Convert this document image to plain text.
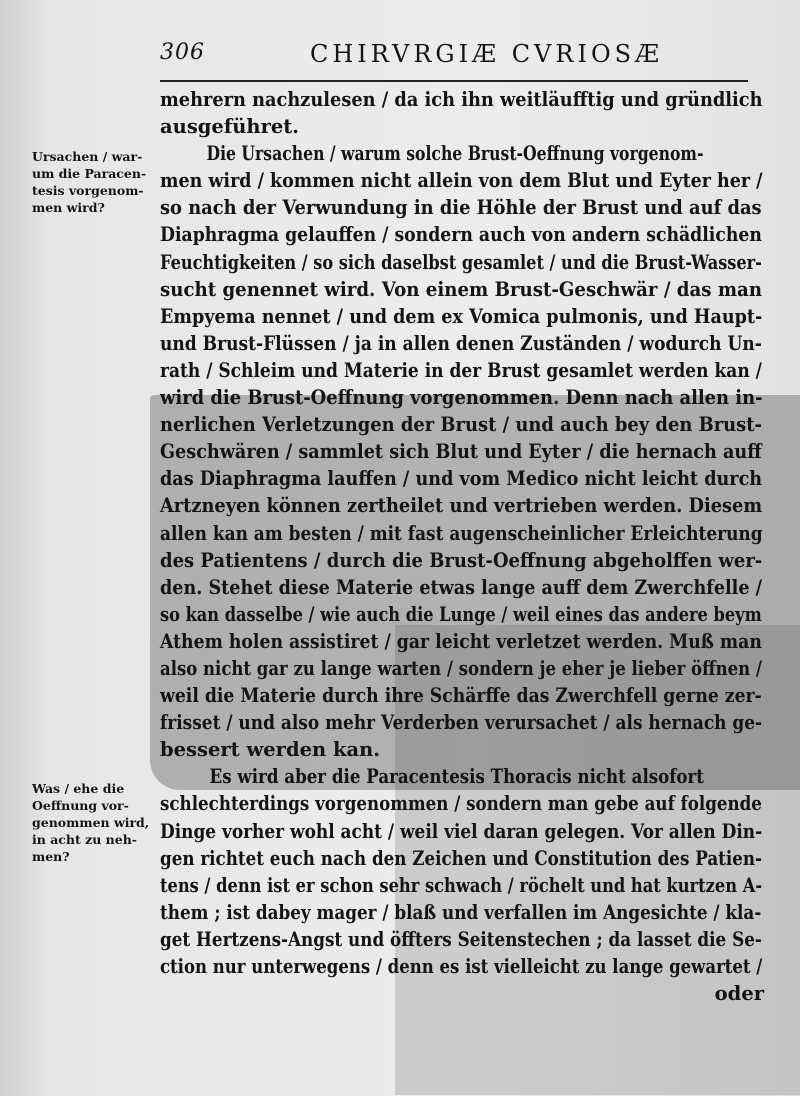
306	CHIRVRGIÆ CVRIOSÆ
Ursachen / war-
um die Paracen-
tesis vorgenom-
men wird?

Was / ehe die
Oeffnung vor-
genommen wird,
in acht zu neh-
men?
mehrern nachzulesen / da ich ihn weitläufftig und gründlich
ausgeführet.
Die Ursachen / warum solche Brust-Oeffnung vorgenom-
men wird / kommen nicht allein von dem Blut und Eyter her /
so nach der Verwundung in die Höhle der Brust und auf das
Diaphragma gelauffen / sondern auch von andern schädlichen
Feuchtigkeiten / so sich daselbst gesamlet / und die Brust-Wasser-
sucht genennet wird. Von einem Brust-Geschwär / das man
Empyema nennet / und dem ex Vomica pulmonis, und Haupt-
und Brust-Flüssen / ja in allen denen Zuständen / wodurch Un-
rath / Schleim und Materie in der Brust gesamlet werden kan /
wird die Brust-Oeffnung vorgenommen. Denn nach allen in-
nerlichen Verletzungen der Brust / und auch bey den Brust-
Geschwären / sammlet sich Blut und Eyter / die hernach auff
das Diaphragma lauffen / und vom Medico nicht leicht durch
Artzneyen können zertheilet und vertrieben werden. Diesem
allen kan am besten / mit fast augenscheinlicher Erleichterung
des Patientens / durch die Brust-Oeffnung abgeholffen wer-
den. Stehet diese Materie etwas lange auff dem Zwerchfelle /
so kan dasselbe / wie auch die Lunge / weil eines das andere beym
Athem holen assistiret / gar leicht verletzet werden. Muß man
also nicht gar zu lange warten / sondern je eher je lieber öffnen /
weil die Materie durch ihre Schärffe das Zwerchfell gerne zer-
frisset / und also mehr Verderben verursachet / als hernach ge-
bessert werden kan.
Es wird aber die Paracentesis Thoracis nicht alsofort
schlechterdings vorgenommen / sondern man gebe auf folgende
Dinge vorher wohl acht / weil viel daran gelegen. Vor allen Din-
gen richtet euch nach den Zeichen und Constitution des Patien-
tens / denn ist er schon sehr schwach / röchelt und hat kurtzen A-
them ; ist dabey mager / blaß und verfallen im Angesichte / kla-
get Hertzens-Angst und öffters Seitenstechen ; da lasset die Se-
ction nur unterwegens / denn es ist vielleicht zu lange gewartet /
oder
